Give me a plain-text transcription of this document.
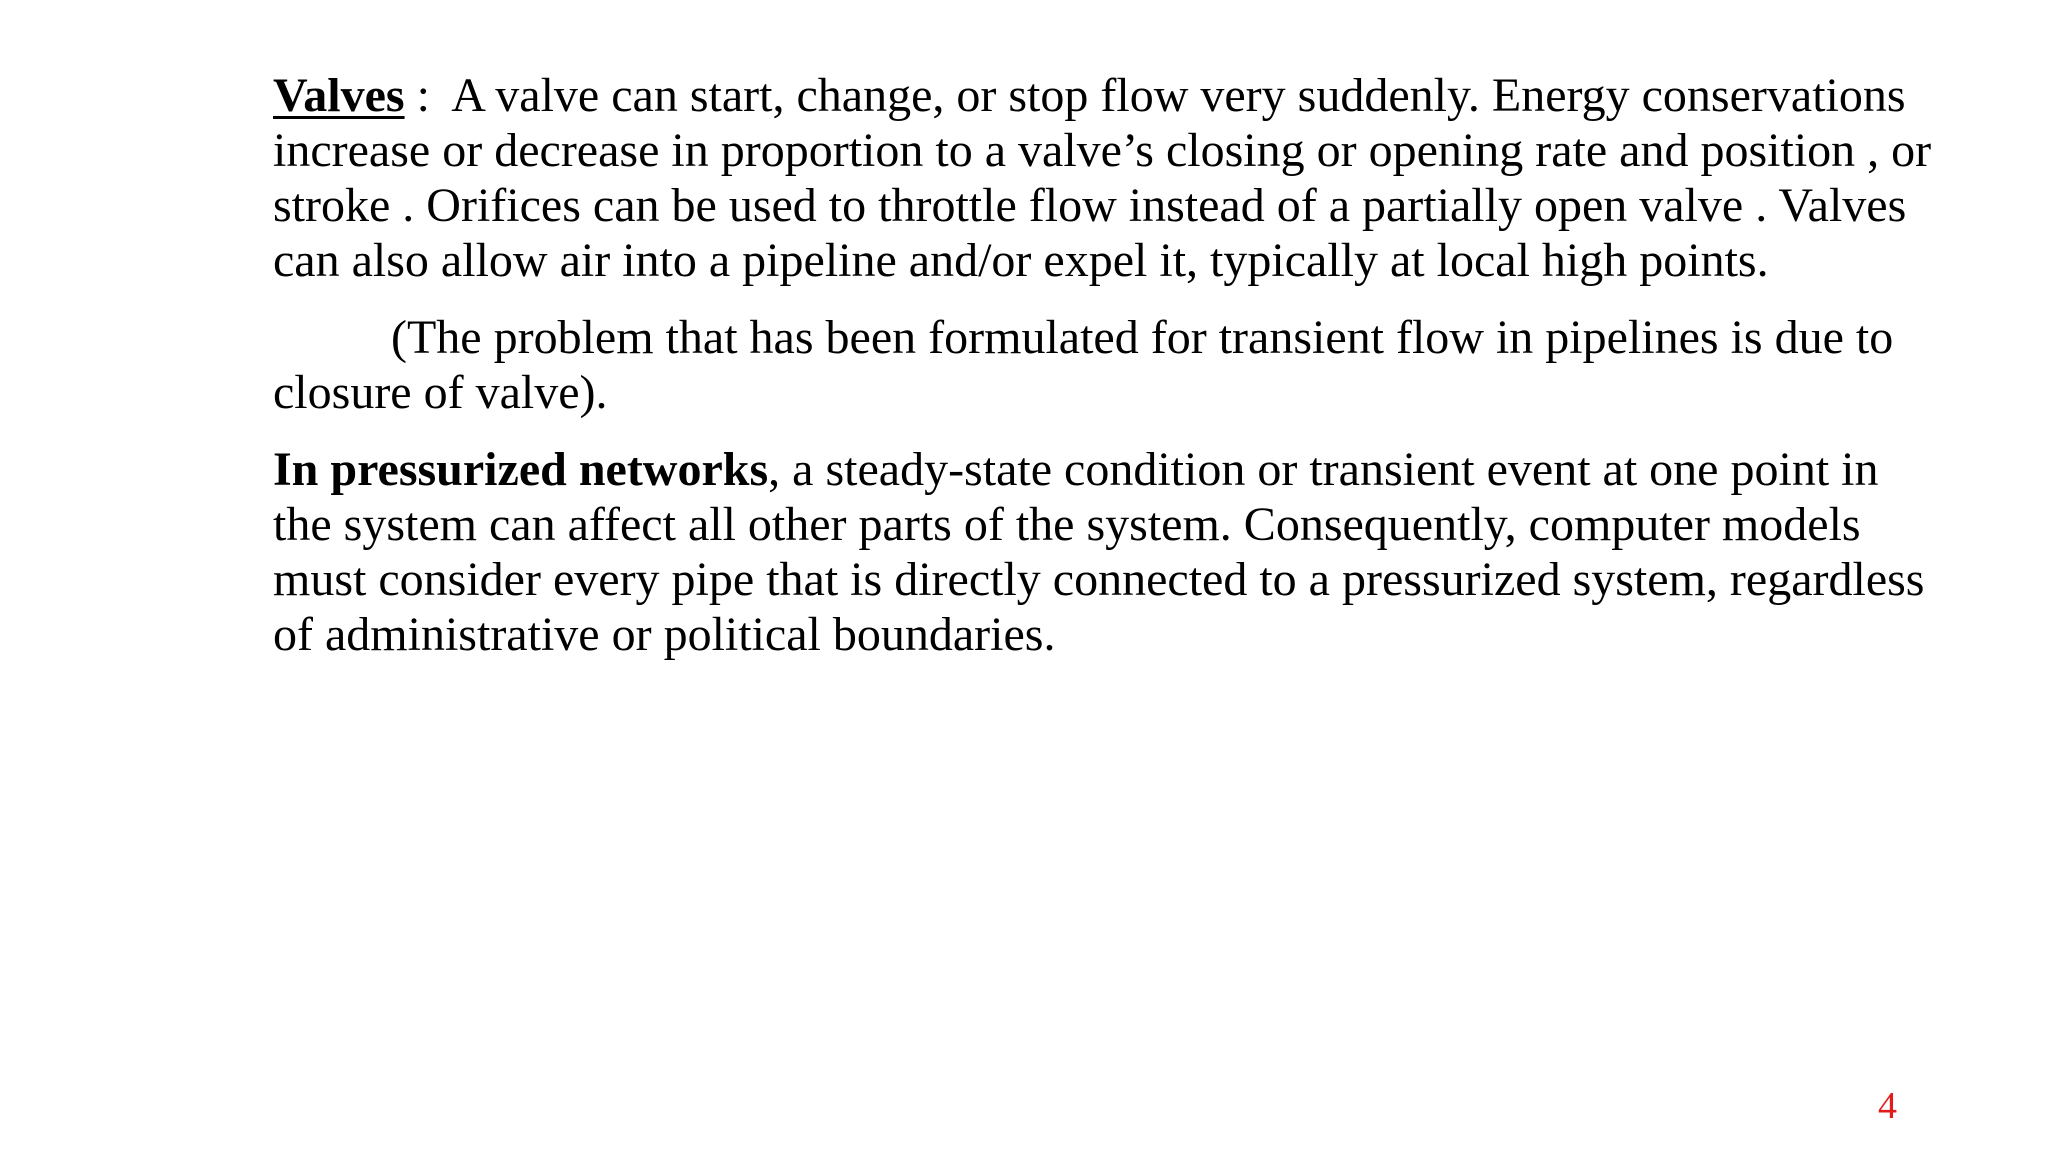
Valves :  A valve can start, change, or stop flow very suddenly. Energy conservations increase or decrease in proportion to a valve’s closing or opening rate and position , or stroke . Orifices can be used to throttle flow instead of a partially open valve . Valves can also allow air into a pipeline and/or expel it, typically at local high points.

(The problem that has been formulated for transient flow in pipelines is due to closure of valve).

In pressurized networks, a steady-state condition or transient event at one point in the system can affect all other parts of the system. Consequently, computer models must consider every pipe that is directly connected to a pressurized system, regardless of administrative or political boundaries.

4
